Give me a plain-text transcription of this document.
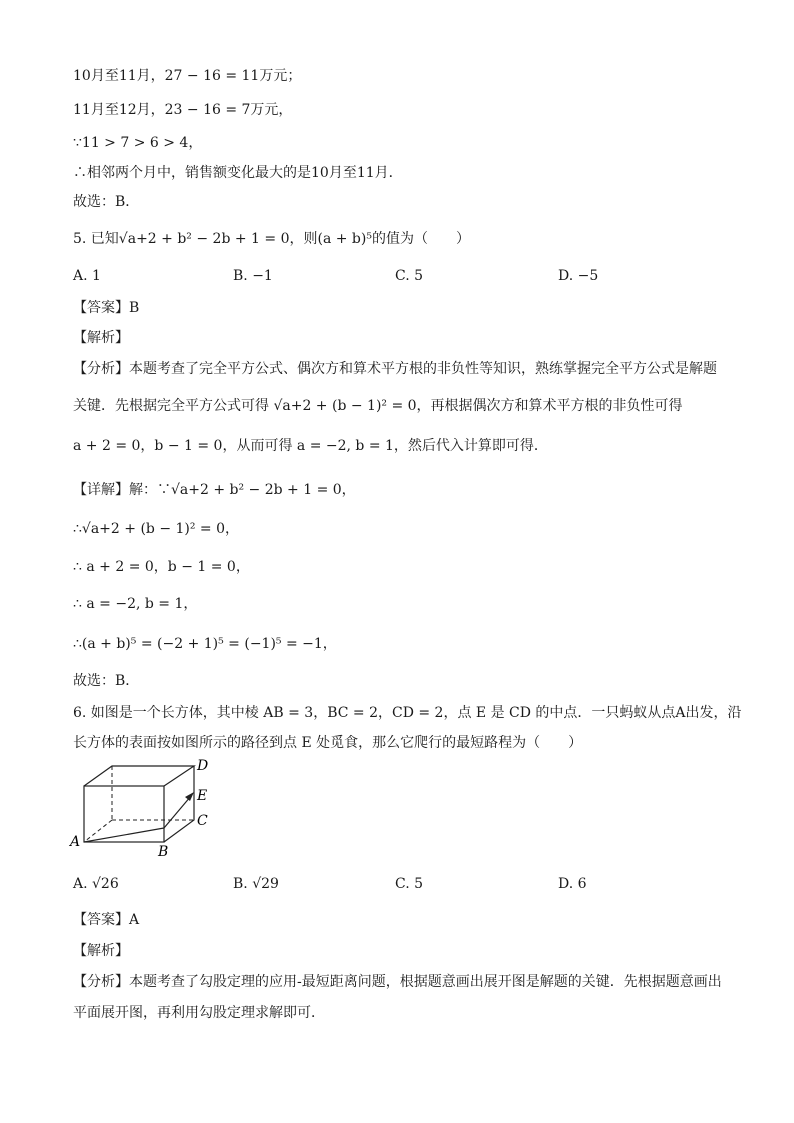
10月至11月，27 − 16 = 11万元；
11月至12月，23 − 16 = 7万元，
∵11 > 7 > 6 > 4，
∴相邻两个月中，销售额变化最大的是10月至11月．
故选：B．
5. 已知√a+2 + b² − 2b + 1 = 0，则(a + b)⁵的值为（　　）
A. 1	B. −1	C. 5	D. −5
【答案】B
【解析】
【分析】本题考查了完全平方公式、偶次方和算术平方根的非负性等知识，熟练掌握完全平方公式是解题
关键．先根据完全平方公式可得 √a+2 + (b − 1)² = 0，再根据偶次方和算术平方根的非负性可得
a + 2 = 0，b − 1 = 0，从而可得 a = −2, b = 1，然后代入计算即可得．
【详解】解：∵√a+2 + b² − 2b + 1 = 0，
∴√a+2 + (b − 1)² = 0，
∴ a + 2 = 0，b − 1 = 0，
∴ a = −2, b = 1，
∴(a + b)⁵ = (−2 + 1)⁵ = (−1)⁵ = −1，
故选：B．
6. 如图是一个长方体，其中棱 AB = 3，BC = 2，CD = 2，点 E 是 CD 的中点．一只蚂蚁从点A出发，沿
长方体的表面按如图所示的路径到点 E 处觅食，那么它爬行的最短路程为（　　）
A
B
C
D
E
A. √26	B. √29	C. 5	D. 6
【答案】A
【解析】
【分析】本题考查了勾股定理的应用-最短距离问题，根据题意画出展开图是解题的关键．先根据题意画出
平面展开图，再利用勾股定理求解即可．
